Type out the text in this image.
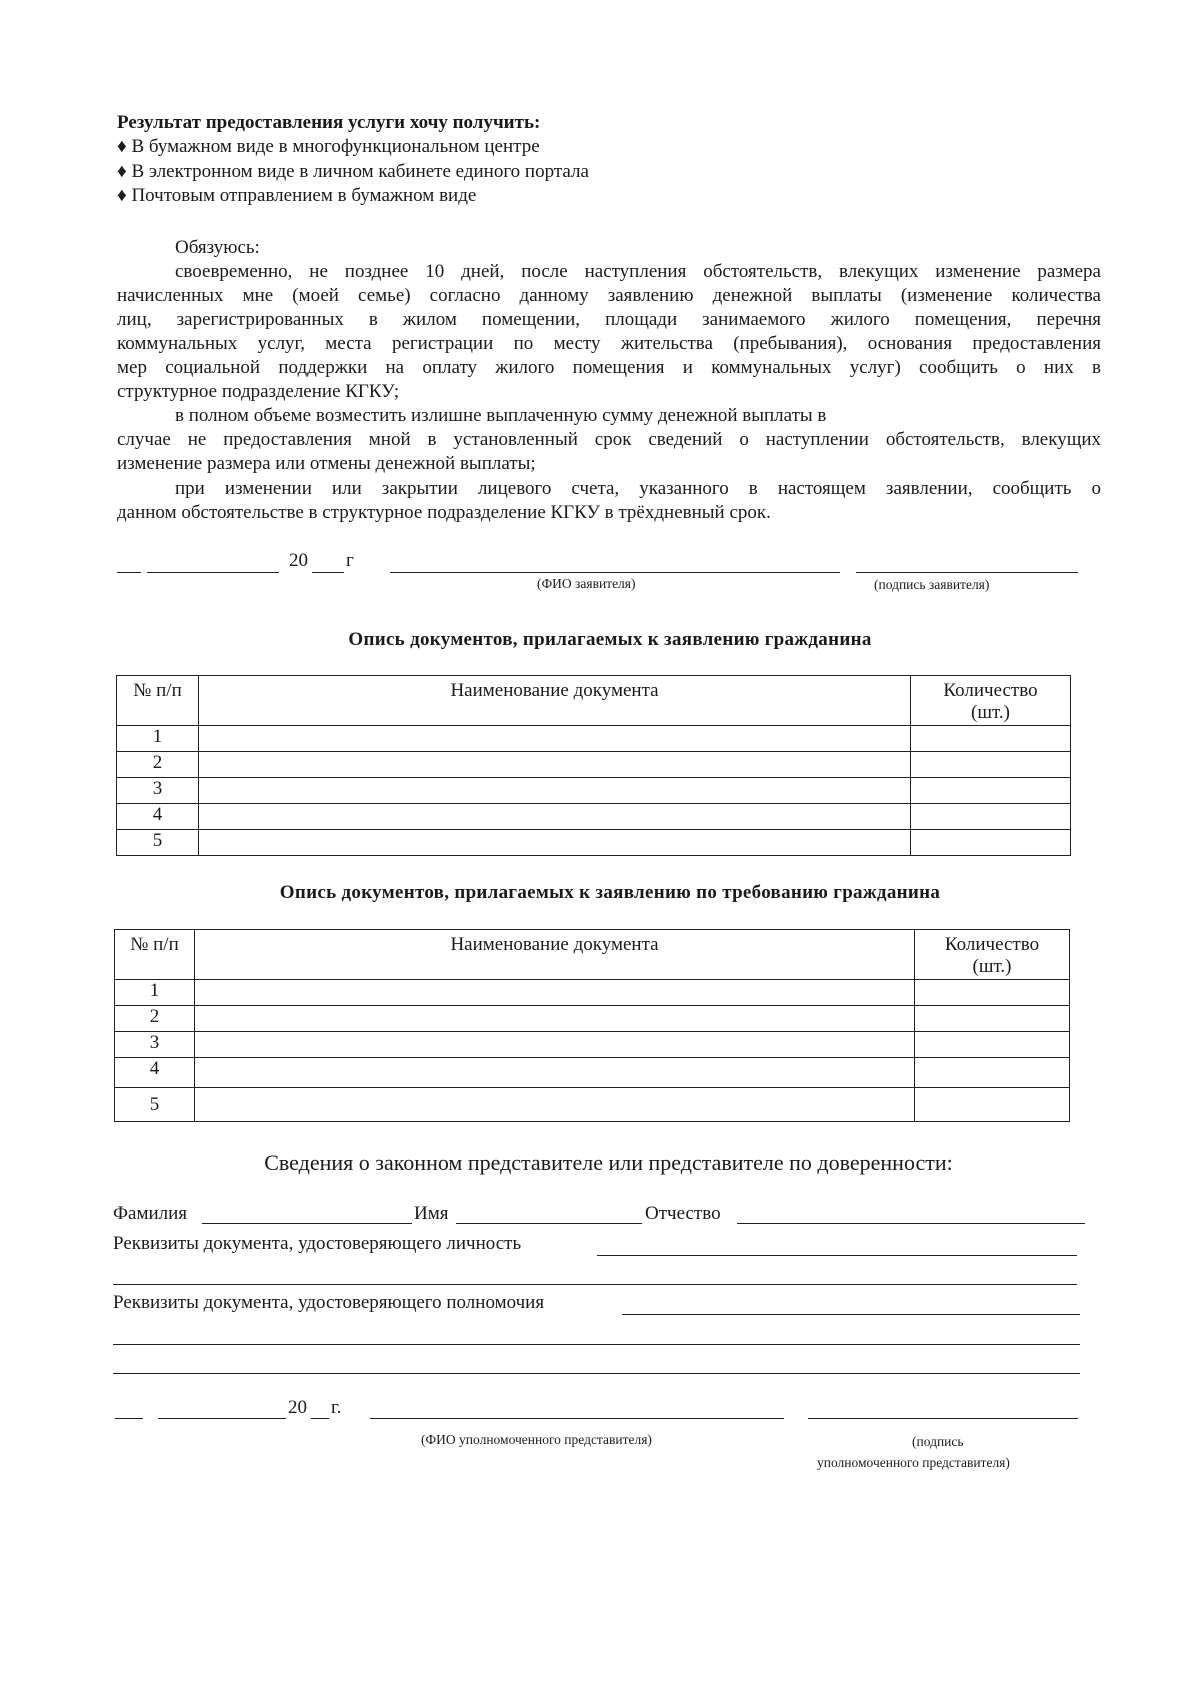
Результат предоставления услуги хочу получить:
♦ В бумажном виде в многофункциональном центре
♦ В электронном виде в личном кабинете единого портала
♦ Почтовым отправлением в бумажном виде
Обязуюсь:
своевременно, не позднее 10 дней, после наступления обстоятельств, влекущих изменение размера
начисленных мне (моей семье) согласно данному заявлению денежной выплаты (изменение количества
лиц, зарегистрированных в жилом помещении, площади занимаемого жилого помещения, перечня
коммунальных услуг, места регистрации по месту жительства (пребывания), основания предоставления
мер социальной поддержки на оплату жилого помещения и коммунальных услуг) сообщить о них в
структурное подразделение КГКУ;
в полном объеме возместить излишне выплаченную сумму денежной выплаты в
случае не предоставления мной в установленный срок сведений о наступлении обстоятельств, влекущих
изменение размера или отмены денежной выплаты;
при изменении или закрытии лицевого счета, указанного в настоящем заявлении, сообщить о
данном обстоятельстве в структурное подразделение КГКУ в трёхдневный срок.
20 г
(ФИО заявителя)	(подпись заявителя)
Опись документов, прилагаемых к заявлению гражданина
№ п/п	Наименование документа	Количество
(шт.)
1		
2		
3		
4		
5		
Опись документов, прилагаемых к заявлению по требованию гражданина
№ п/п	Наименование документа	Количество
(шт.)
1		
2		
3		
4		
5		
Сведения о законном представителе или представителе по доверенности:
Фамилия	Имя	Отчество
Реквизиты документа, удостоверяющего личность
Реквизиты документа, удостоверяющего полномочия
20 г.
(ФИО уполномоченного представителя)	(подпись
уполномоченного представителя)
